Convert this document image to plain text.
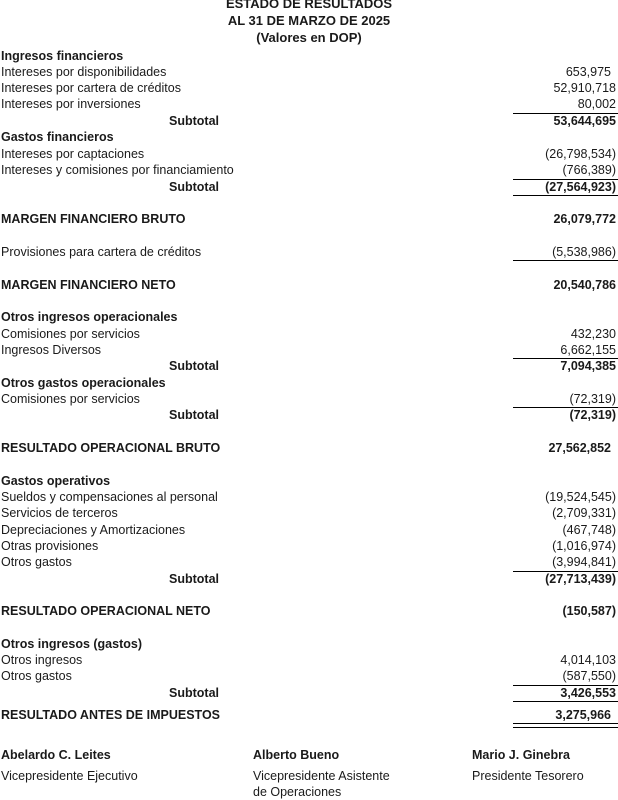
ESTADO DE RESULTADOS
AL 31 DE MARZO DE 2025
(Valores en DOP)
Ingresos financieros
Intereses por disponibilidades	653,975
Intereses por cartera de créditos	52,910,718
Intereses por inversiones	80,002
Subtotal	53,644,695
Gastos financieros
Intereses por captaciones	(26,798,534)
Intereses y comisiones por financiamiento	(766,389)
Subtotal	(27,564,923)
MARGEN FINANCIERO BRUTO	26,079,772
Provisiones para cartera de créditos	(5,538,986)
MARGEN FINANCIERO NETO	20,540,786
Otros ingresos operacionales
Comisiones por servicios	432,230
Ingresos Diversos	6,662,155
Subtotal	7,094,385
Otros gastos operacionales
Comisiones por servicios	(72,319)
Subtotal	(72,319)
RESULTADO OPERACIONAL BRUTO	27,562,852
Gastos operativos
Sueldos y compensaciones al personal	(19,524,545)
Servicios de terceros	(2,709,331)
Depreciaciones y Amortizaciones	(467,748)
Otras provisiones	(1,016,974)
Otros gastos	(3,994,841)
Subtotal	(27,713,439)
RESULTADO OPERACIONAL NETO	(150,587)
Otros ingresos (gastos)
Otros ingresos	4,014,103
Otros gastos	(587,550)
Subtotal	3,426,553
RESULTADO ANTES DE IMPUESTOS	3,275,966
Abelardo C. Leites
Vicepresidente Ejecutivo
Alberto Bueno
Vicepresidente Asistente
de Operaciones
Mario J. Ginebra
Presidente Tesorero
